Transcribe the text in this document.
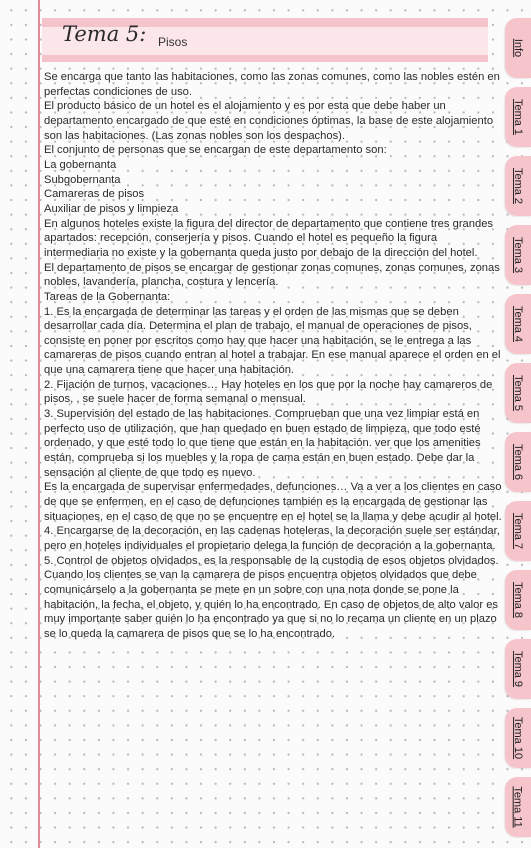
Tema 5: Pisos

Se encarga que tanto las habitaciones, como las zonas comunes, como las nobles estén en perfectas condiciones de uso.

El producto básico de un hotel es el alojamiento y es por esta que debe haber un departamento encargado de que esté en condiciones óptimas, la base de este alojamiento son las habitaciones. (Las zonas nobles son los despachos).

El conjunto de personas que se encargan de este departamento son:

La gobernanta

Subgobernanta

Camareras de pisos

Auxiliar de pisos y limpieza

En algunos hoteles existe la figura del director de departamento que contiene tres grandes apartados: recepción, conserjería y pisos. Cuando el hotel es pequeño la figura intermediaria no existe y la gobernanta queda justo por debajo de la dirección del hotel.

El departamento de pisos se encargar de gestionar zonas comunes, zonas comunes, zonas nobles, lavandería, plancha, costura y lencería.

Tareas de la Gobernanta:

1. Es la encargada de determinar las tareas y el orden de las mismas que se deben desarrollar cada día. Determina el plan de trabajo, el manual de operaciones de pisos, consiste en poner por escritos como hay que hacer una habitación, se le entrega a las camareras de pisos cuando entran al hotel a trabajar. En ese manual aparece el orden en el que una camarera tiene que hacer una habitación.

2. Fijación de turnos, vacaciones… Hay hoteles en los que por la noche hay camareros de pisos, , se suele hacer de forma semanal o mensual.

3. Supervisión del estado de las habitaciones. Comprueban que una vez limpiar está en perfecto uso de utilización, que han quedado en buen estado de limpieza, que todo esté ordenado, y que esté todo lo que tiene que están en la habitación. ver que los amenities están, comprueba si los muebles y la ropa de cama están en buen estado. Debe dar la sensación al cliente de que todo es nuevo.

Es la encargada de supervisar enfermedades, defunciones… Va a ver a los clientes en caso de que se enfermen, en el caso de defunciones también es la encargada de gestionar las situaciones, en el caso de que no se encuentre en el hotel se la llama y debe acudir al hotel.

4. Encargarse de la decoración, en las cadenas hoteleras, la decoración suele ser estándar, pero en hoteles individuales el propietario delega la función de decoración a la gobernanta.

5. Control de objetos olvidados, es la responsable de la custodia de esos objetos olvidados. Cuando los clientes se van la camarera de pisos encuentra objetos olvidados que debe comunicárselo a la gobernanta se mete en un sobre con una nota donde se pone la habitación, la fecha, el objeto, y quién lo ha encontrado. En caso de objetos de alto valor es muy importante saber quién lo ha encontrado ya que si no lo recama un cliente en un plazo se lo queda la camarera de pisos que se lo ha encontrado.

Info
Tema 1
Tema 2
Tema 3
Tema 4
Tema 5
Tema 6
Tema 7
Tema 8
Tema 9
Tema 10
Tema 11
